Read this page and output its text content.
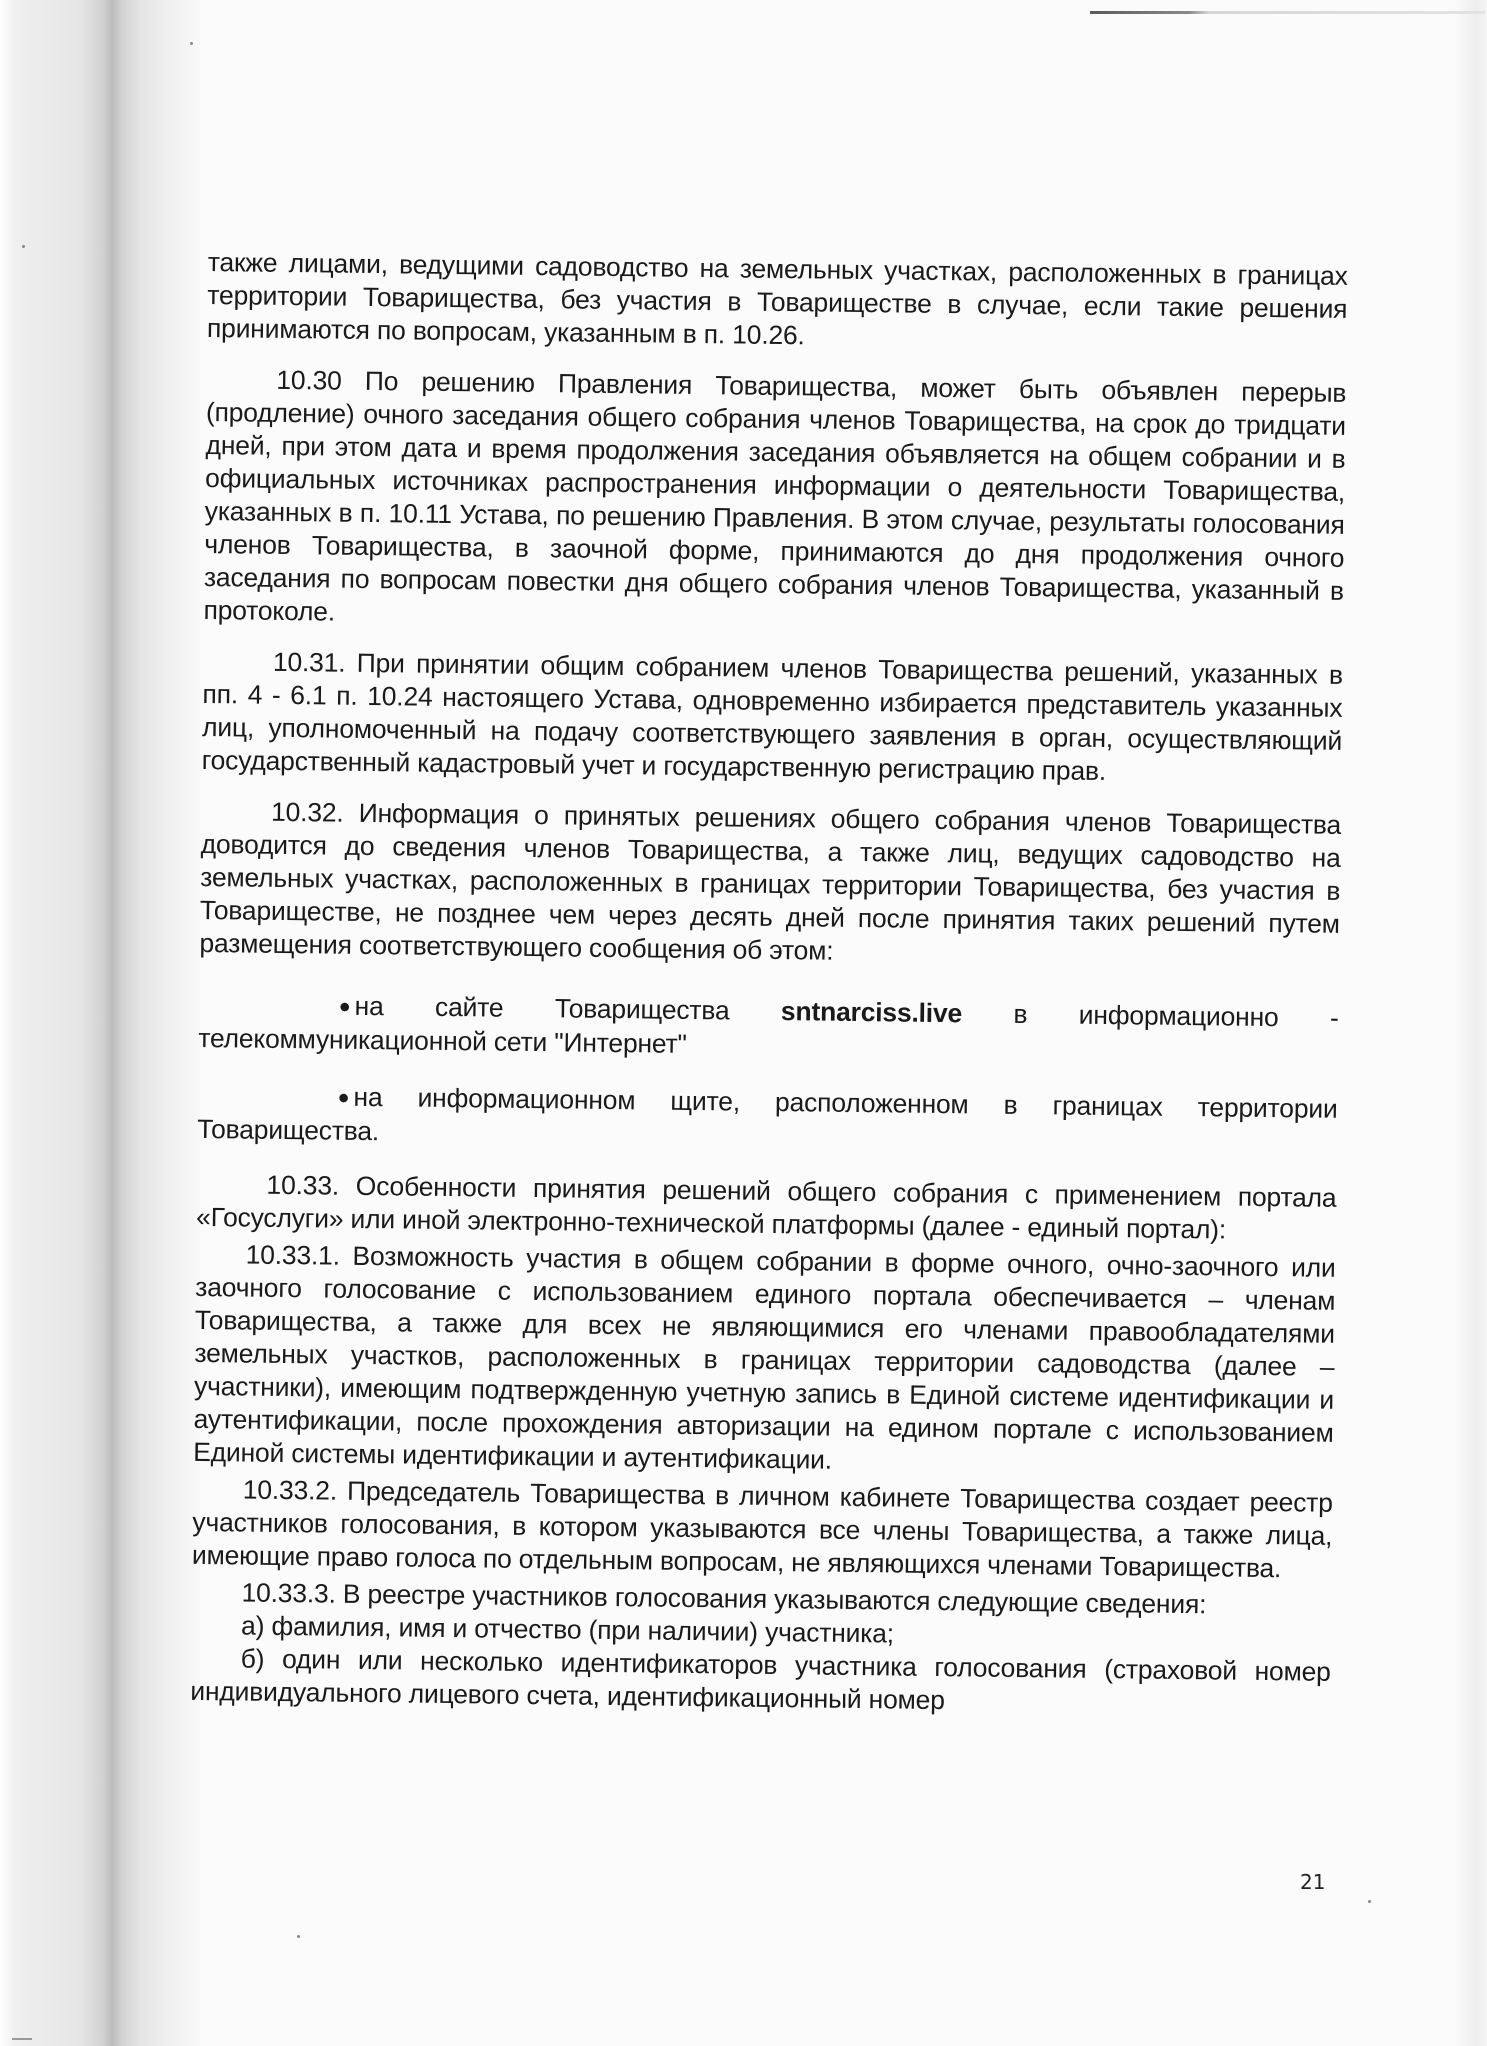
также лицами, ведущими садоводство на земельных участках, расположенных в границах территории Товарищества, без участия в Товариществе в случае, если такие решения принимаются по вопросам, указанным в п. 10.26.

10.30 По решению Правления Товарищества, может быть объявлен перерыв (продление) очного заседания общего собрания членов Товарищества, на срок до тридцати дней, при этом дата и время продолжения заседания объявляется на общем собрании и в официальных источниках распространения информации о деятельности Товарищества, указанных в п. 10.11 Устава, по решению Правления. В этом случае, результаты голосования членов Товарищества, в заочной форме, принимаются до дня продолжения очного заседания по вопросам повестки дня общего собрания членов Товарищества, указанный в протоколе.

10.31. При принятии общим собранием членов Товарищества решений, указанных в пп. 4 - 6.1 п. 10.24 настоящего Устава, одновременно избирается представитель указанных лиц, уполномоченный на подачу соответствующего заявления в орган, осуществляющий государственный кадастровый учет и государственную регистрацию прав.

10.32. Информация о принятых решениях общего собрания членов Товарищества доводится до сведения членов Товарищества, а также лиц, ведущих садоводство на земельных участках, расположенных в границах территории Товарищества, без участия в Товариществе, не позднее чем через десять дней после принятия таких решений путем размещения соответствующего сообщения об этом:

● на сайте Товарищества sntnarciss.live в информационно - телекоммуникационной сети "Интернет"

● на информационном щите, расположенном в границах территории Товарищества.

10.33. Особенности принятия решений общего собрания с применением портала «Госуслуги» или иной электронно-технической платформы (далее - единый портал):

10.33.1. Возможность участия в общем собрании в форме очного, очно-заочного или заочного голосование с использованием единого портала обеспечивается – членам Товарищества, а также для всех не являющимися его членами правообладателями земельных участков, расположенных в границах территории садоводства (далее – участники), имеющим подтвержденную учетную запись в Единой системе идентификации и аутентификации, после прохождения авторизации на едином портале с использованием Единой системы идентификации и аутентификации.

10.33.2. Председатель Товарищества в личном кабинете Товарищества создает реестр участников голосования, в котором указываются все члены Товарищества, а также лица, имеющие право голоса по отдельным вопросам, не являющихся членами Товарищества.

10.33.3. В реестре участников голосования указываются следующие сведения:

а) фамилия, имя и отчество (при наличии) участника;

б) один или несколько идентификаторов участника голосования (страховой номер индивидуального лицевого счета, идентификационный номер

21
